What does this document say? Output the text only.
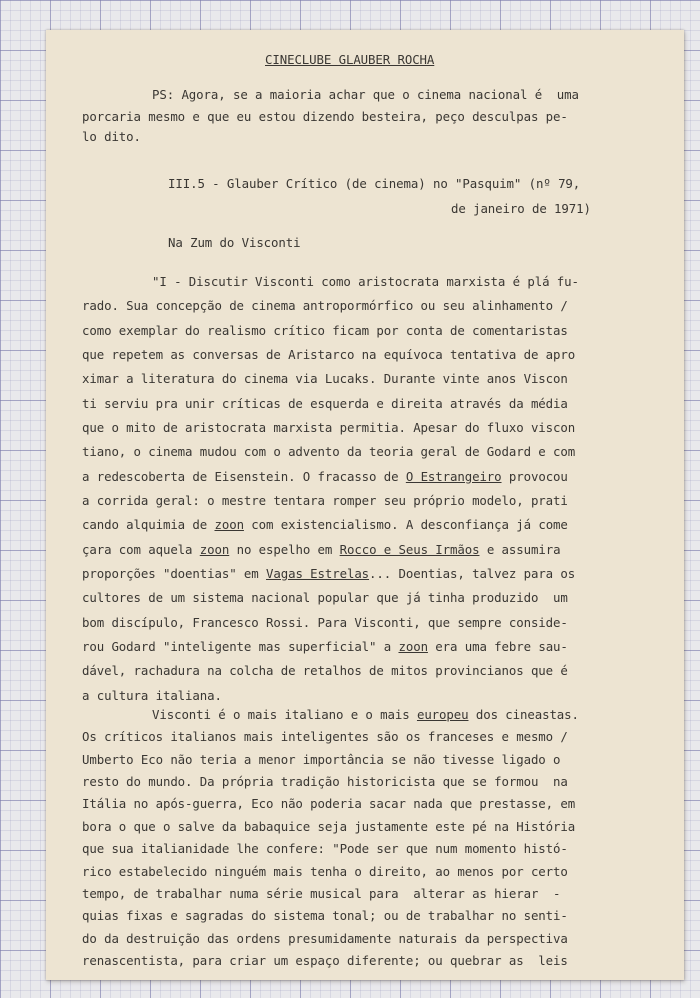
CINECLUBE GLAUBER ROCHA
PS: Agora, se a maioria achar que o cinema nacional é  uma
porcaria mesmo e que eu estou dizendo besteira, peço desculpas pe-
lo dito.
III.5 - Glauber Crítico (de cinema) no "Pasquim" (nº 79,
de janeiro de 1971)
Na Zum do Visconti
"I - Discutir Visconti como aristocrata marxista é plá fu-
rado. Sua concepção de cinema antropormórfico ou seu alinhamento /
como exemplar do realismo crítico ficam por conta de comentaristas
que repetem as conversas de Aristarco na equívoca tentativa de apro
ximar a literatura do cinema via Lucaks. Durante vinte anos Viscon
ti serviu pra unir críticas de esquerda e direita através da média
que o mito de aristocrata marxista permitia. Apesar do fluxo viscon
tiano, o cinema mudou com o advento da teoria geral de Godard e com
a redescoberta de Eisenstein. O fracasso de O Estrangeiro provocou
a corrida geral: o mestre tentara romper seu próprio modelo, prati
cando alquimia de zoon com existencialismo. A desconfiança já come
çara com aquela zoon no espelho em Rocco e Seus Irmãos e assumira
proporções "doentias" em Vagas Estrelas... Doentias, talvez para os
cultores de um sistema nacional popular que já tinha produzido  um
bom discípulo, Francesco Rossi. Para Visconti, que sempre conside-
rou Godard "inteligente mas superficial" a zoon era uma febre sau-
dável, rachadura na colcha de retalhos de mitos provincianos que é
a cultura italiana.
Visconti é o mais italiano e o mais europeu dos cineastas.
Os críticos italianos mais inteligentes são os franceses e mesmo /
Umberto Eco não teria a menor importância se não tivesse ligado o
resto do mundo. Da própria tradição historicista que se formou  na
Itália no após-guerra, Eco não poderia sacar nada que prestasse, em
bora o que o salve da babaquice seja justamente este pé na História
que sua italianidade lhe confere: "Pode ser que num momento histó-
rico estabelecido ninguém mais tenha o direito, ao menos por certo
tempo, de trabalhar numa série musical para  alterar as hierar  -
quias fixas e sagradas do sistema tonal; ou de trabalhar no senti-
do da destruição das ordens presumidamente naturais da perspectiva
renascentista, para criar um espaço diferente; ou quebrar as  leis
